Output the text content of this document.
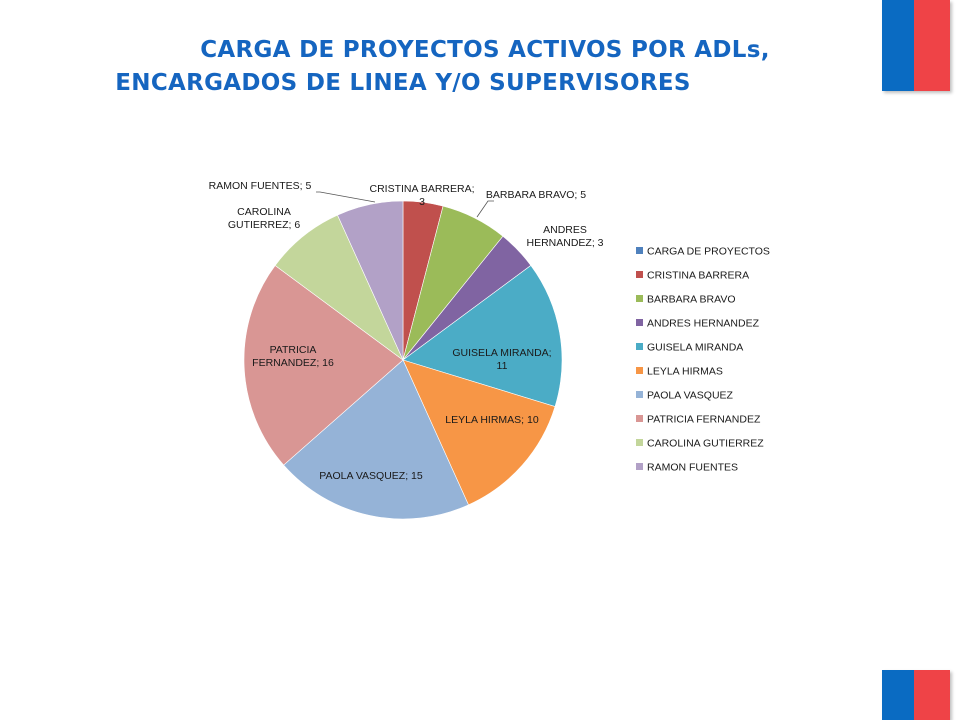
CARGA DE PROYECTOS ACTIVOS POR ADLs,
ENCARGADOS DE LINEA Y/O SUPERVISORES
CRISTINA BARRERA; 3
BARBARA BRAVO; 5
ANDRES HERNANDEZ; 3
GUISELA MIRANDA; 11
LEYLA HIRMAS; 10
PAOLA VASQUEZ; 15
PATRICIA FERNANDEZ; 16
CAROLINA GUTIERREZ; 6
RAMON FUENTES; 5
CARGA DE PROYECTOS
CRISTINA BARRERA
BARBARA BRAVO
ANDRES HERNANDEZ
GUISELA MIRANDA
LEYLA HIRMAS
PAOLA VASQUEZ
PATRICIA FERNANDEZ
CAROLINA GUTIERREZ
RAMON FUENTES
